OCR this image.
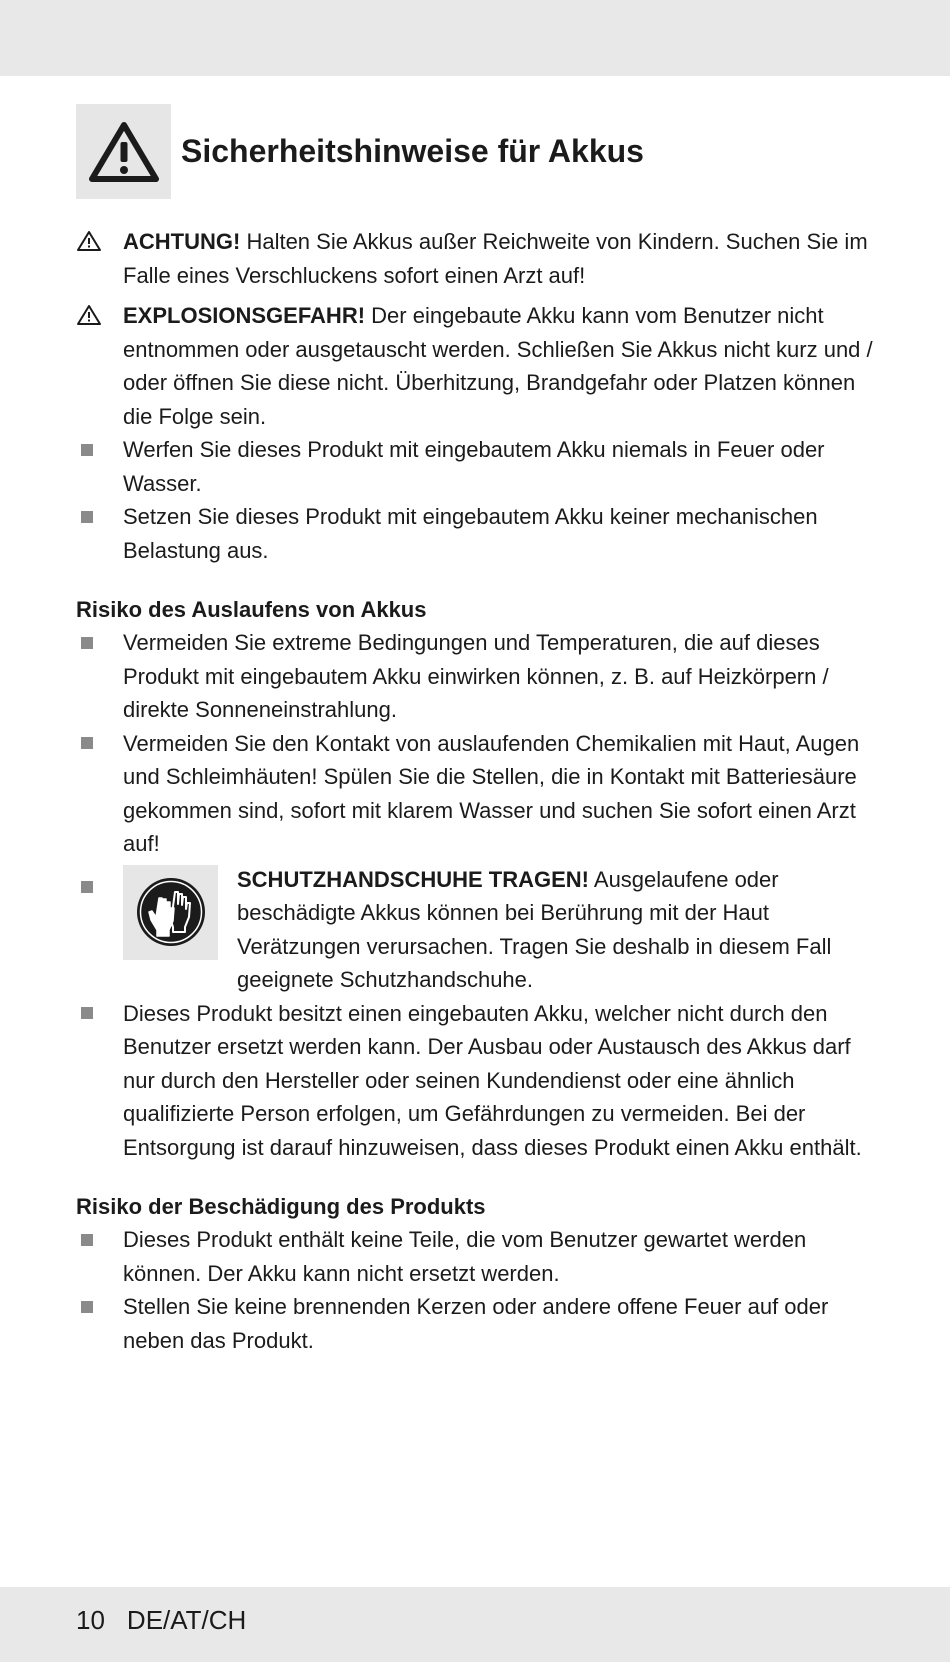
Sicherheitshinweise für Akkus
ACHTUNG! Halten Sie Akkus außer Reichweite von Kindern. Suchen Sie im Falle eines Verschluckens sofort einen Arzt auf!
EXPLOSIONSGEFAHR! Der eingebaute Akku kann vom Benutzer nicht entnommen oder ausgetauscht werden. Schließen Sie Akkus nicht kurz und / oder öffnen Sie diese nicht. Überhitzung, Brandgefahr oder Platzen können die Folge sein.
Werfen Sie dieses Produkt mit eingebautem Akku niemals in Feuer oder Wasser.
Setzen Sie dieses Produkt mit eingebautem Akku keiner mechanischen Belastung aus.
Risiko des Auslaufens von Akkus
Vermeiden Sie extreme Bedingungen und Temperaturen, die auf dieses Produkt mit eingebautem Akku einwirken können, z. B. auf Heizkörpern / direkte Sonneneinstrahlung.
Vermeiden Sie den Kontakt von auslaufenden Chemikalien mit Haut, Augen und Schleimhäuten! Spülen Sie die Stellen, die in Kontakt mit Batteriesäure gekommen sind, sofort mit klarem Wasser und suchen Sie sofort einen Arzt auf!
SCHUTZHANDSCHUHE TRAGEN! Ausgelaufene oder beschädigte Akkus können bei Berührung mit der Haut Verätzungen verursachen. Tragen Sie deshalb in diesem Fall geeignete Schutzhandschuhe.
Dieses Produkt besitzt einen eingebauten Akku, welcher nicht durch den Benutzer ersetzt werden kann. Der Ausbau oder Austausch des Akkus darf nur durch den Hersteller oder seinen Kundendienst oder eine ähnlich qualifizierte Person erfolgen, um Gefährdungen zu vermeiden. Bei der Entsorgung ist darauf hinzuweisen, dass dieses Produkt einen Akku enthält.
Risiko der Beschädigung des Produkts
Dieses Produkt enthält keine Teile, die vom Benutzer gewartet werden können. Der Akku kann nicht ersetzt werden.
Stellen Sie keine brennenden Kerzen oder andere offene Feuer auf oder neben das Produkt.
10 DE/AT/CH
